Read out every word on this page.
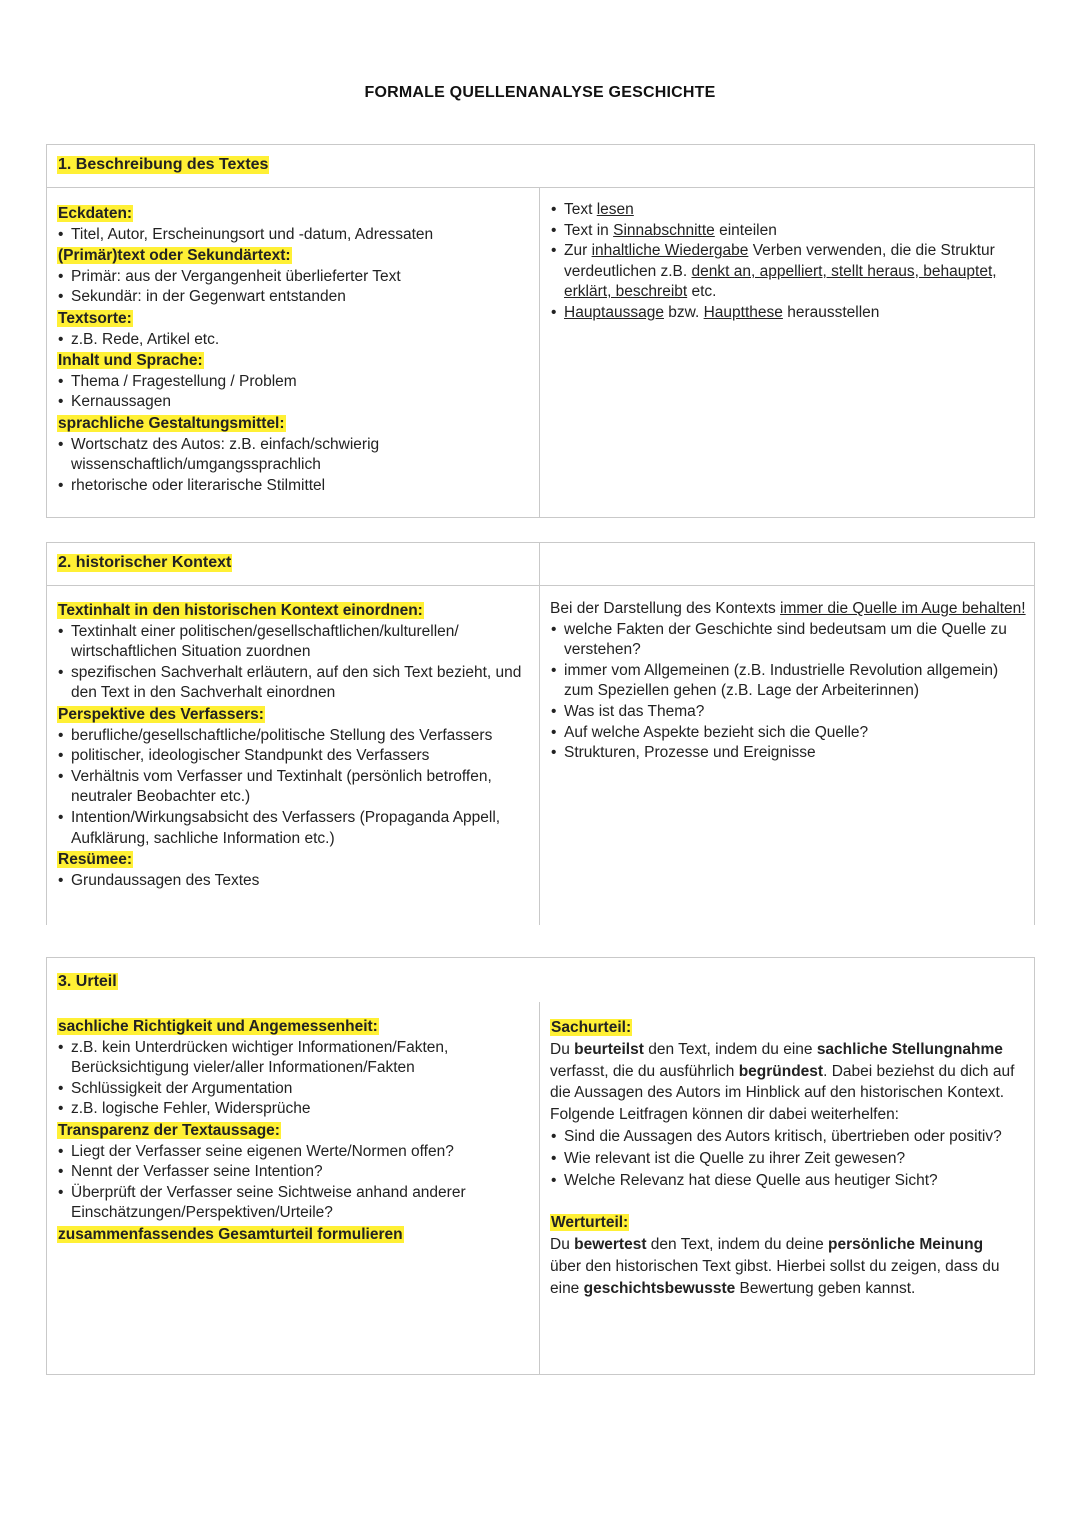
FORMALE QUELLENANALYSE GESCHICHTE
1. Beschreibung des Textes
Eckdaten:
• Titel, Autor, Erscheinungsort und -datum, Adressaten
(Primär)text oder Sekundärtext:
• Primär: aus der Vergangenheit überlieferter Text
• Sekundär: in der Gegenwart entstanden
Textsorte:
• z.B. Rede, Artikel etc.
Inhalt und Sprache:
• Thema / Fragestellung / Problem
• Kernaussagen
sprachliche Gestaltungsmittel:
• Wortschatz des Autos: z.B. einfach/schwierig wissenschaftlich/umgangssprachlich
• rhetorische oder literarische Stilmittel
• Text lesen
• Text in Sinnabschnitte einteilen
• Zur inhaltliche Wiedergabe Verben verwenden, die die Struktur verdeutlichen z.B. denkt an, appelliert, stellt heraus, behauptet, erklärt, beschreibt etc.
• Hauptaussage bzw. Hauptthese herausstellen
2. historischer Kontext
Textinhalt in den historischen Kontext einordnen:
• Textinhalt einer politischen/gesellschaftlichen/kulturellen/ wirtschaftlichen Situation zuordnen
• spezifischen Sachverhalt erläutern, auf den sich Text bezieht, und den Text in den Sachverhalt einordnen
Perspektive des Verfassers:
• berufliche/gesellschaftliche/politische Stellung des Verfassers
• politischer, ideologischer Standpunkt des Verfassers
• Verhältnis vom Verfasser und Textinhalt (persönlich betroffen, neutraler Beobachter etc.)
• Intention/Wirkungsabsicht des Verfassers (Propaganda Appell, Aufklärung, sachliche Information etc.)
Resümee:
• Grundaussagen des Textes
Bei der Darstellung des Kontexts immer die Quelle im Auge behalten!
• welche Fakten der Geschichte sind bedeutsam um die Quelle zu verstehen?
• immer vom Allgemeinen (z.B. Industrielle Revolution allgemein) zum Speziellen gehen (z.B. Lage der Arbeiterinnen)
• Was ist das Thema?
• Auf welche Aspekte bezieht sich die Quelle?
• Strukturen, Prozesse und Ereignisse
3. Urteil
sachliche Richtigkeit und Angemessenheit:
• z.B. kein Unterdrücken wichtiger Informationen/Fakten, Berücksichtigung vieler/aller Informationen/Fakten
• Schlüssigkeit der Argumentation
• z.B. logische Fehler, Widersprüche
Transparenz der Textaussage:
• Liegt der Verfasser seine eigenen Werte/Normen offen?
• Nennt der Verfasser seine Intention?
• Überprüft der Verfasser seine Sichtweise anhand anderer Einschätzungen/Perspektiven/Urteile?
zusammenfassendes Gesamturteil formulieren
Sachurteil:
Du beurteilst den Text, indem du eine sachliche Stellungnahme verfasst, die du ausführlich begründest. Dabei beziehst du dich auf die Aussagen des Autors im Hinblick auf den historischen Kontext. Folgende Leitfragen können dir dabei weiterhelfen:
• Sind die Aussagen des Autors kritisch, übertrieben oder positiv?
• Wie relevant ist die Quelle zu ihrer Zeit gewesen?
• Welche Relevanz hat diese Quelle aus heutiger Sicht?
Werturteil:
Du bewertest den Text, indem du deine persönliche Meinung über den historischen Text gibst. Hierbei sollst du zeigen, dass du eine geschichtsbewusste Bewertung geben kannst.
